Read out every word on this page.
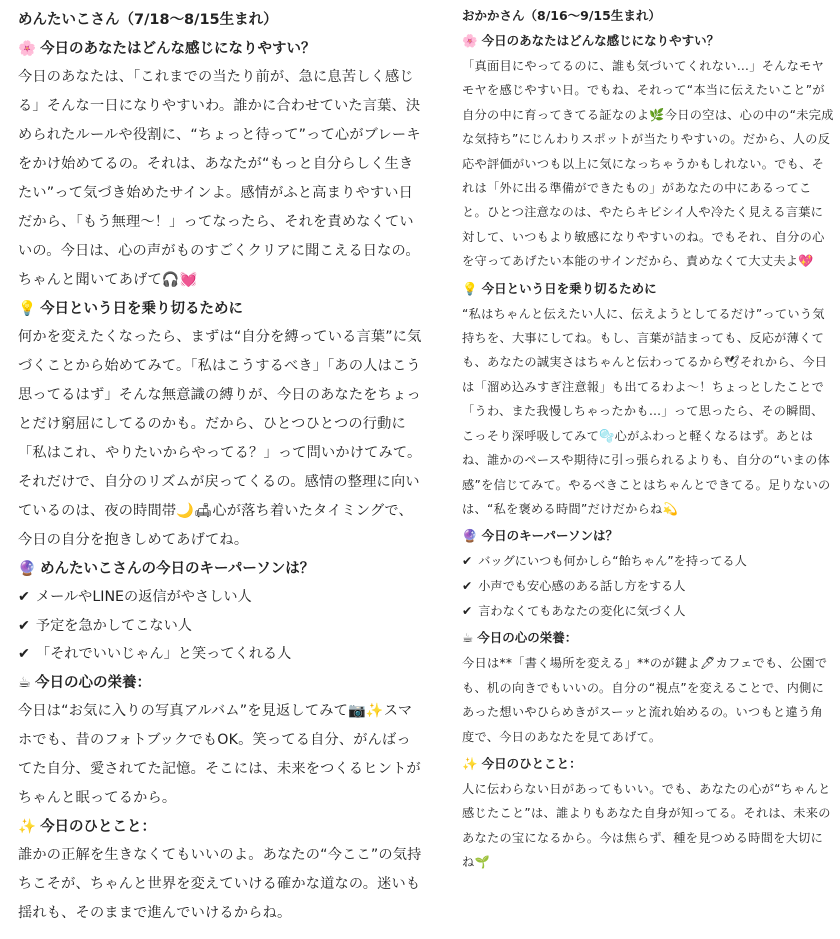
めんたいこさん（7/18〜8/15生まれ）
🌸 今日のあなたはどんな感じになりやすい？

今日のあなたは、「これまでの当たり前が、急に息苦しく感じる」そんな一日になりやすいわ。誰かに合わせていた言葉、決められたルールや役割に、“ちょっと待って”って心がブレーキをかけ始めてるの。それは、あなたが“もっと自分らしく生きたい”って気づき始めたサインよ。感情がふと高まりやすい日だから、「もう無理〜！」ってなったら、それを責めなくていいの。今日は、心の声がものすごくクリアに聞こえる日なの。ちゃんと聞いてあげて🎧💓

💡 今日という日を乗り切るために

何かを変えたくなったら、まずは“自分を縛っている言葉”に気づくことから始めてみて。「私はこうするべき」「あの人はこう思ってるはず」そんな無意識の縛りが、今日のあなたをちょっとだけ窮屈にしてるのかも。だから、ひとつひとつの行動に「私はこれ、やりたいからやってる？」って問いかけてみて。それだけで、自分のリズムが戻ってくるの。感情の整理に向いているのは、夜の時間帯🌙🛋心が落ち着いたタイミングで、今日の自分を抱きしめてあげてね。

🔮 めんたいこさんの今日のキーパーソンは？
✔ メールやLINEの返信がやさしい人
✔ 予定を急かしてこない人
✔ 「それでいいじゃん」と笑ってくれる人
☕ 今日の心の栄養：

今日は“お気に入りの写真アルバム”を見返してみて📷✨スマホでも、昔のフォトブックでもOK。笑ってる自分、がんばってた自分、愛されてた記憶。そこには、未来をつくるヒントがちゃんと眠ってるから。

✨ 今日のひとこと：

誰かの正解を生きなくてもいいのよ。あなたの“今ここ”の気持ちこそが、ちゃんと世界を変えていける確かな道なの。迷いも揺れも、そのままで進んでいけるからね。

おかかさん（8/16〜9/15生まれ）
🌸 今日のあなたはどんな感じになりやすい？

「真面目にやってるのに、誰も気づいてくれない…」そんなモヤモヤを感じやすい日。でもね、それって“本当に伝えたいこと”が自分の中に育ってきてる証なのよ🌿今日の空は、心の中の“未完成な気持ち”にじんわりスポットが当たりやすいの。だから、人の反応や評価がいつも以上に気になっちゃうかもしれない。でも、それは「外に出る準備ができたもの」があなたの中にあるってこと。ひとつ注意なのは、やたらキビシイ人や冷たく見える言葉に対して、いつもより敏感になりやすいのね。でもそれ、自分の心を守ってあげたい本能のサインだから、責めなくて大丈夫よ💖

💡 今日という日を乗り切るために

“私はちゃんと伝えたい人に、伝えようとしてるだけ”っていう気持ちを、大事にしてね。もし、言葉が詰まっても、反応が薄くても、あなたの誠実さはちゃんと伝わってるから🕊それから、今日は「溜め込みすぎ注意報」も出てるわよ〜！ちょっとしたことで「うわ、また我慢しちゃったかも…」って思ったら、その瞬間、こっそり深呼吸してみて🫧心がふわっと軽くなるはず。あとはね、誰かのペースや期待に引っ張られるよりも、自分の“いまの体感”を信じてみて。やるべきことはちゃんとできてる。足りないのは、“私を褒める時間”だけだからね💫

🔮 今日のキーパーソンは？
✔ バッグにいつも何かしら“飴ちゃん”を持ってる人
✔ 小声でも安心感のある話し方をする人
✔ 言わなくてもあなたの変化に気づく人
☕ 今日の心の栄養：

今日は**「書く場所を変える」**のが鍵よ🖊カフェでも、公園でも、机の向きでもいいの。自分の“視点”を変えることで、内側にあった想いやひらめきがスーッと流れ始めるの。いつもと違う角度で、今日のあなたを見てあげて。

✨ 今日のひとこと：

人に伝わらない日があってもいい。でも、あなたの心が“ちゃんと感じたこと”は、誰よりもあなた自身が知ってる。それは、未来のあなたの宝になるから。今は焦らず、種を見つめる時間を大切にね🌱
